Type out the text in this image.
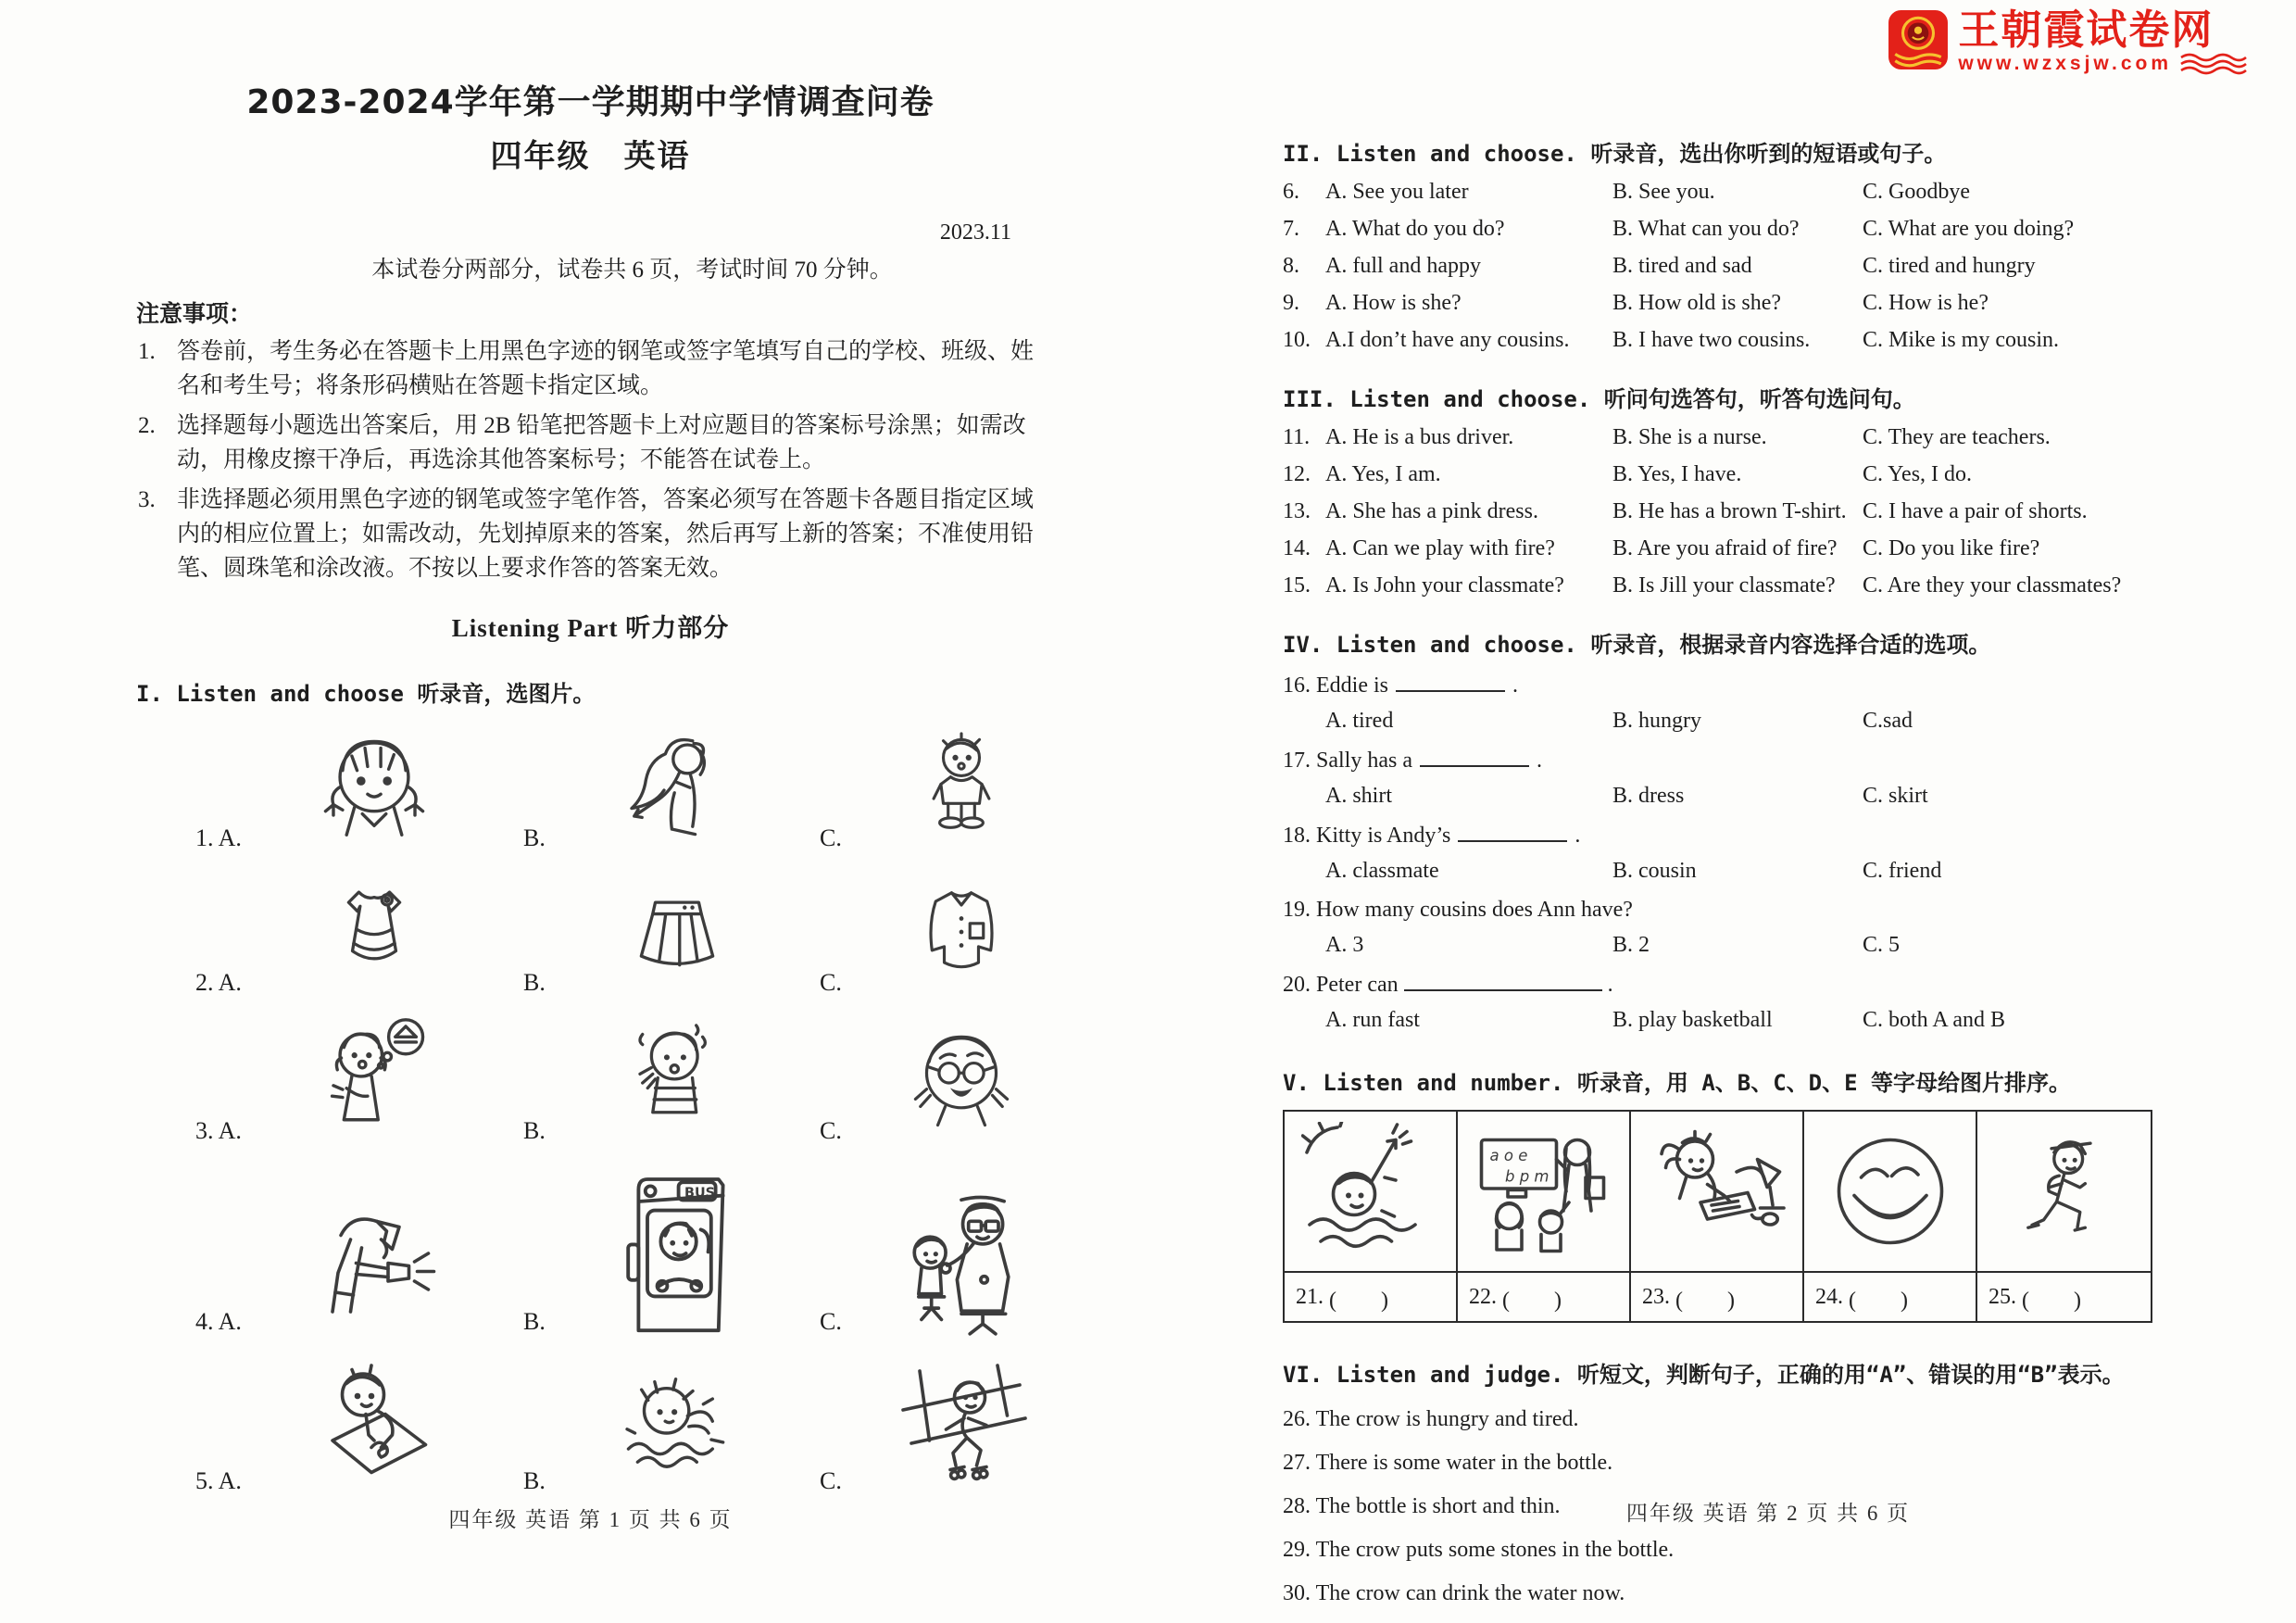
王朝霞试卷网
www.wzxsjw.com
2023-2024学年第一学期期中学情调查问卷
四年级　英语
2023.11
本试卷分两部分，试卷共 6 页，考试时间 70 分钟。
注意事项：
1. 答卷前，考生务必在答题卡上用黑色字迹的钢笔或签字笔填写自己的学校、班级、姓名和考生号；将条形码横贴在答题卡指定区域。
2. 选择题每小题选出答案后，用 2B 铅笔把答题卡上对应题目的答案标号涂黑；如需改动，用橡皮擦干净后，再选涂其他答案标号；不能答在试卷上。
3. 非选择题必须用黑色字迹的钢笔或签字笔作答，答案必须写在答题卡各题目指定区域内的相应位置上；如需改动，先划掉原来的答案，然后再写上新的答案；不准使用铅笔、圆珠笔和涂改液。不按以上要求作答的答案无效。
Listening Part 听力部分
I. Listen and choose 听录音，选图片。
1. A.	B.	C.
2. A.	B.	C.
3. A.	B.	C.
4. A.	B.
BUS
C.
5. A.	B.	C.
四年级 英语 第 1 页 共 6 页
II. Listen and choose. 听录音，选出你听到的短语或句子。
6.	A. See you later	B. See you.	C. Goodbye
7.	A. What do you do?	B. What can you do?	C. What are you doing?
8.	A. full and happy	B. tired and sad	C. tired and hungry
9.	A. How is she?	B. How old is she?	C. How is he?
10. A.I don’t have any cousins.	B. I have two cousins.	C. Mike is my cousin.
III. Listen and choose. 听问句选答句，听答句选问句。
11. A. He is a bus driver.	B. She is a nurse.	C. They are teachers.
12. A. Yes, I am.	B. Yes, I have.	C. Yes, I do.
13. A. She has a pink dress.	B. He has a brown T-shirt. C. I have a pair of shorts.
14. A. Can we play with fire?	B. Are you afraid of fire?	C. Do you like fire?
15. A. Is John your classmate?	B. Is Jill your classmate?	C. Are they your classmates?
IV. Listen and choose. 听录音，根据录音内容选择合适的选项。
16. Eddie is	.
A. tired	B. hungry	C.sad
17. Sally has a	.
A. shirt	B. dress	C. skirt
18. Kitty is Andy’s	.
A. classmate	B. cousin	C. friend
19. How many cousins does Ann have?
A. 3	B. 2	C. 5
20. Peter can	.
A. run fast	B. play basketball	C. both A and B
V. Listen and number. 听录音，用 A、B、C、D、E 等字母给图片排序。
21. (　　)
a o e
b p m
22. (　　)	23. (　　)	24. (　　)	25. (　　)
VI. Listen and judge. 听短文，判断句子，正确的用“A”、错误的用“B”表示。
26. The crow is hungry and tired.
27. There is some water in the bottle.
28. The bottle is short and thin.
29. The crow puts some stones in the bottle.
30. The crow can drink the water now.
四年级 英语 第 2 页 共 6 页
